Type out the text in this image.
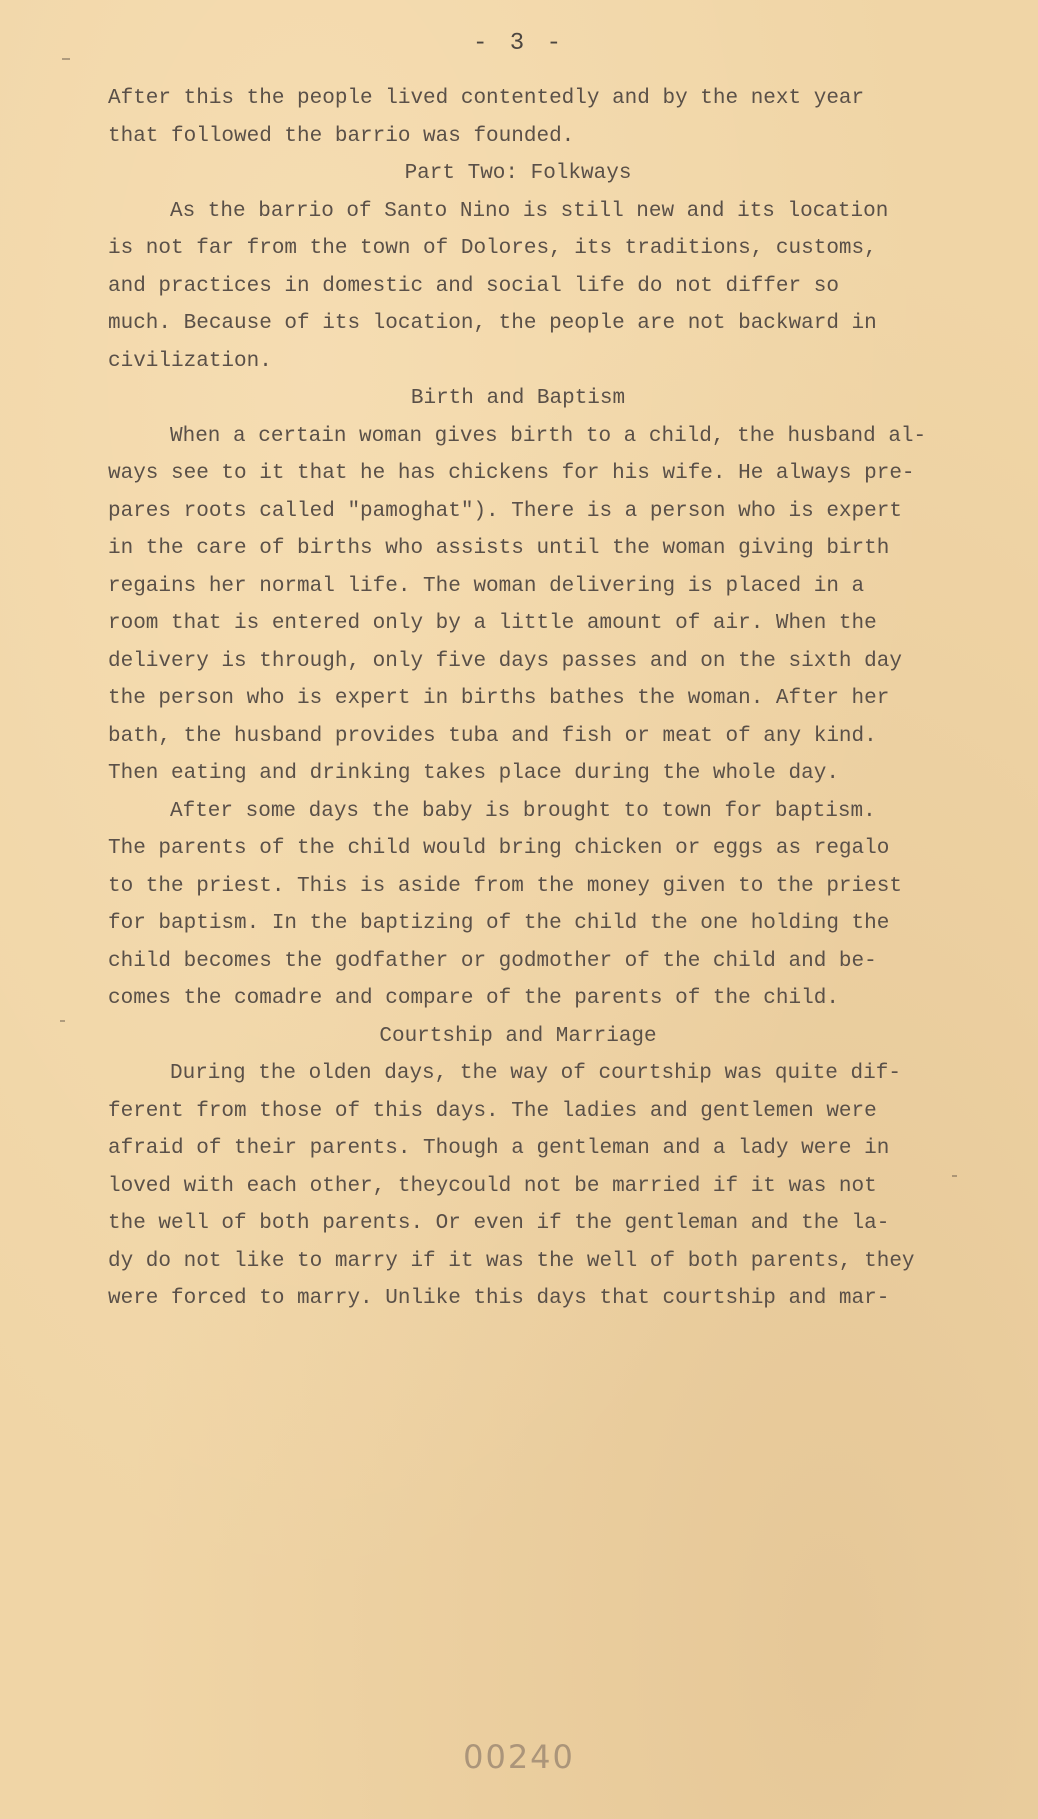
- 3 -
After this the people lived contentedly and by the next year
that followed the barrio was founded.
Part Two: Folkways
As the barrio of Santo Nino is still new and its location
is not far from the town of Dolores, its traditions, customs,
and practices in domestic and social life do not differ so
much. Because of its location, the people are not backward in
civilization.
Birth and Baptism
When a certain woman gives birth to a child, the husband al-
ways see to it that he has chickens for his wife. He always pre-
pares roots called "pamoghat"). There is a person who is expert
in the care of births who assists until the woman giving birth
regains her normal life. The woman delivering is placed in a
room that is entered only by a little amount of air. When the
delivery is through, only five days passes and on the sixth day
the person who is expert in births bathes the woman. After her
bath, the husband provides tuba and fish or meat of any kind.
Then eating and drinking takes place during the whole day.
After some days the baby is brought to town for baptism.
The parents of the child would bring chicken or eggs as regalo
to the priest. This is aside from the money given to the priest
for baptism. In the baptizing of the child the one holding the
child becomes the godfather or godmother of the child and be-
comes the comadre and compare of the parents of the child.
Courtship and Marriage
During the olden days, the way of courtship was quite dif-
ferent from those of this days. The ladies and gentlemen were
afraid of their parents. Though a gentleman and a lady were in
loved with each other, theycould not be married if it was not
the well of both parents. Or even if the gentleman and the la-
dy do not like to marry if it was the well of both parents, they
were forced to marry. Unlike this days that courtship and mar-
00240
